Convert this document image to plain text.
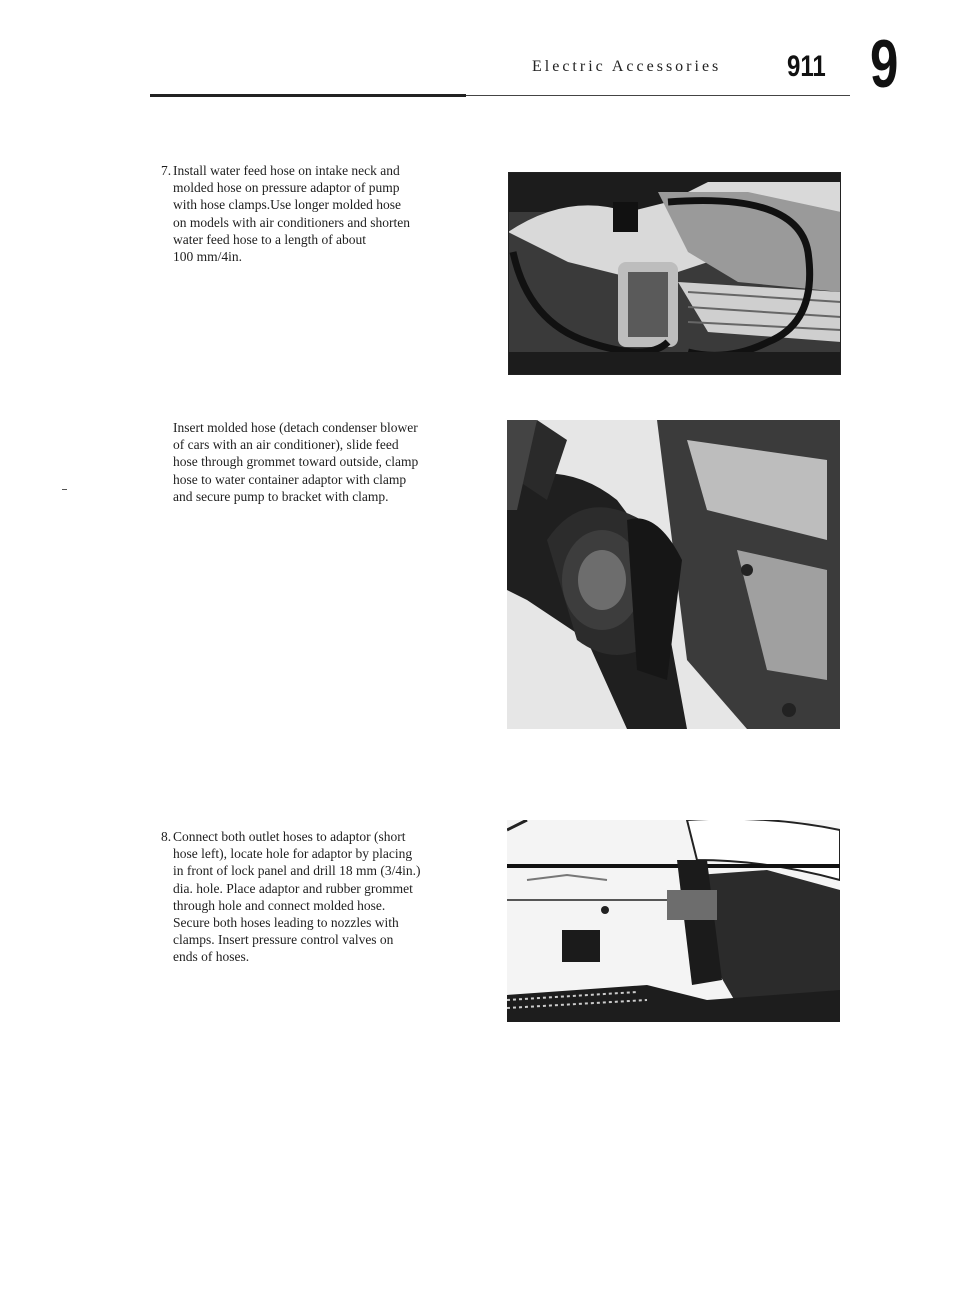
Electric Accessories 911 9
7. Install water feed hose on intake neck and
molded hose on pressure adaptor of pump
with hose clamps.Use longer molded hose
on models with air conditioners and shorten
water feed hose to a length of about
100 mm/4in.
Insert molded hose (detach condenser blower
of cars with an air conditioner), slide feed
hose through grommet toward outside, clamp
hose to water container adaptor with clamp
and secure pump to bracket with clamp.
8. Connect both outlet hoses to adaptor (short
hose left), locate hole for adaptor by placing
in front of lock panel and drill 18 mm (3/4in.)
dia. hole. Place adaptor and rubber grommet
through hole and connect molded hose.
Secure both hoses leading to nozzles with
clamps. Insert pressure control valves on
ends of hoses.
